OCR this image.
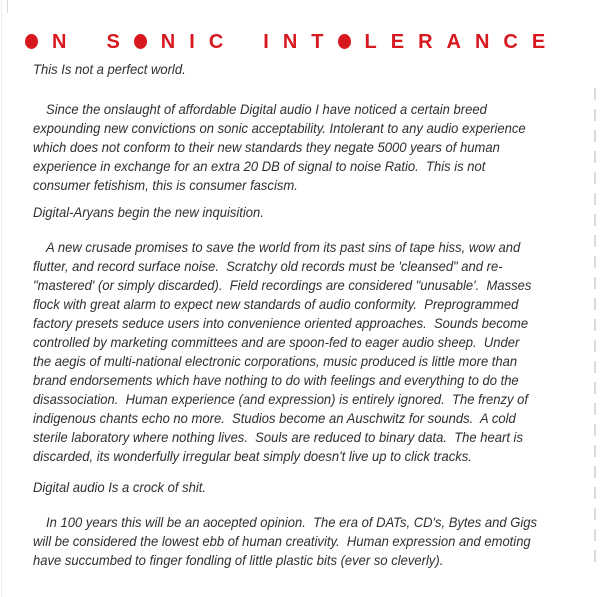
N S N I C I N T L E R A N C E
This Is not a perfect world.
Since the onslaught of affordable Digital audio I have noticed a certain breed
expounding new convictions on sonic acceptability. Intolerant to any audio experience
which does not conform to their new standards they negate 5000 years of human
experience in exchange for an extra 20 DB of signal to noise Ratio.  This is not
consumer fetishism, this is consumer fascism.
Digital-Aryans begin the new inquisition.
A new crusade promises to save the world from its past sins of tape hiss, wow and
flutter, and record surface noise.  Scratchy old records must be 'cleansed" and re-
"mastered' (or simply discarded).  Field recordings are considered "unusable'.  Masses
flock with great alarm to expect new standards of audio conformity.  Preprogrammed
factory presets seduce users into convenience oriented approaches.  Sounds become
controlled by marketing committees and are spoon-fed to eager audio sheep.  Under
the aegis of multi-national electronic corporations, music produced is little more than
brand endorsements which have nothing to do with feelings and everything to do the
disassociation.  Human experience (and expression) is entirely ignored.  The frenzy of
indigenous chants echo no more.  Studios become an Auschwitz for sounds.  A cold
sterile laboratory where nothing lives.  Souls are reduced to binary data.  The heart is
discarded, its wonderfully irregular beat simply doesn't live up to click tracks.
Digital audio Is a crock of shit.
In 100 years this will be an aocepted opinion.  The era of DATs, CD's, Bytes and Gigs
will be considered the lowest ebb of human creativity.  Human expression and emoting
have succumbed to finger fondling of little plastic bits (ever so cleverly).
